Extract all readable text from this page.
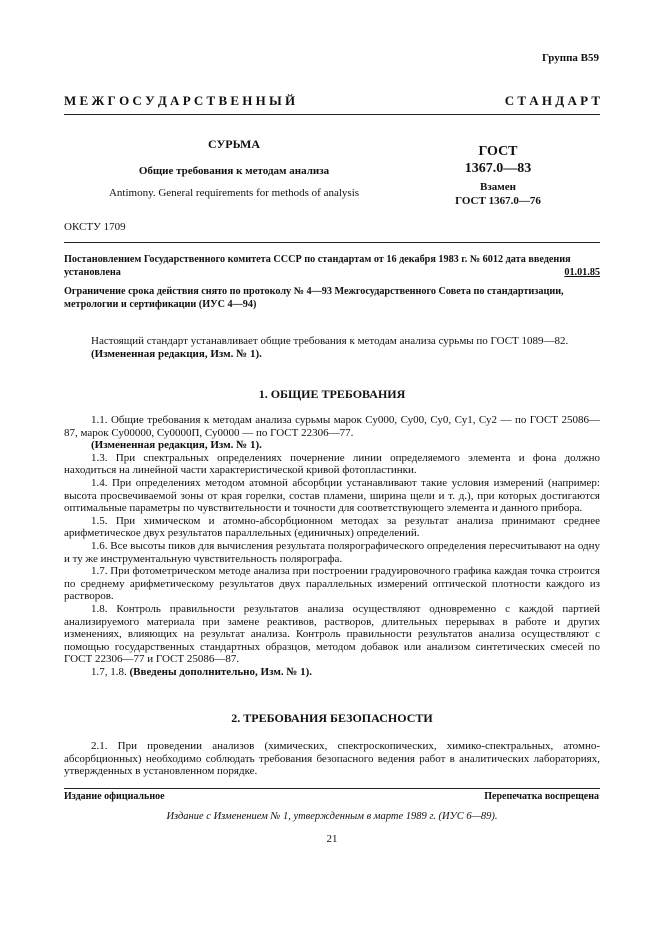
Группа В59
М Е Ж Г О С У Д А Р С Т В Е Н Н Ы Й	С Т А Н Д А Р Т
СУРЬМА
Общие требования к методам анализа
Antimony. General requirements for methods of analysis
ГОСТ
1367.0—83
Взамен
ГОСТ 1367.0—76
ОКСТУ 1709
Постановлением Государственного комитета СССР по стандартам от 16 декабря 1983 г. № 6012 дата введения установлена	01.01.85
Ограничение срока действия снято по протоколу № 4—93 Межгосударственного Совета по стандартизации, метрологии и сертификации (ИУС 4—94)

Настоящий стандарт устанавливает общие требования к методам анализа сурьмы по ГОСТ 1089—82.

(Измененная редакция, Изм. № 1).

1. ОБЩИЕ ТРЕБОВАНИЯ

1.1. Общие требования к методам анализа сурьмы марок Су000, Су00, Су0, Су1, Су2 — по ГОСТ 25086—87, марок Су00000, Су0000П, Су0000 — по ГОСТ 22306—77.

(Измененная редакция, Изм. № 1).

1.3. При спектральных определениях почернение линии определяемого элемента и фона должно находиться на линейной части характеристической кривой фотопластинки.

1.4. При определениях методом атомной абсорбции устанавливают такие условия измерений (например: высота просвечиваемой зоны от края горелки, состав пламени, ширина щели и т. д.), при которых достигаются оптимальные параметры по чувствительности и точности для соответствующего элемента и данного прибора.

1.5. При химическом и атомно-абсорбционном методах за результат анализа принимают среднее арифметическое двух результатов параллельных (единичных) определений.

1.6. Все высоты пиков для вычисления результата полярографического определения пересчитывают на одну и ту же инструментальную чувствительность полярографа.

1.7. При фотометрическом методе анализа при построении градуировочного графика каждая точка строится по среднему арифметическому результатов двух параллельных измерений оптической плотности каждого из растворов.

1.8. Контроль правильности результатов анализа осуществляют одновременно с каждой партией анализируемого материала при замене реактивов, растворов, длительных перерывах в работе и других изменениях, влияющих на результат анализа. Контроль правильности результатов анализа осуществляют с помощью государственных стандартных образцов, методом добавок или анализом синтетических смесей по ГОСТ 22306—77 и ГОСТ 25086—87.

1.7, 1.8. (Введены дополнительно, Изм. № 1).

2. ТРЕБОВАНИЯ БЕЗОПАСНОСТИ

2.1. При проведении анализов (химических, спектроскопических, химико-спектральных, атомно-абсорбционных) необходимо соблюдать требования безопасного ведения работ в аналитических лабораториях, утвержденных в установленном порядке.

Издание официальное	Перепечатка воспрещена
Издание с Изменением № 1, утвержденным в марте 1989 г. (ИУС 6—89).
21
